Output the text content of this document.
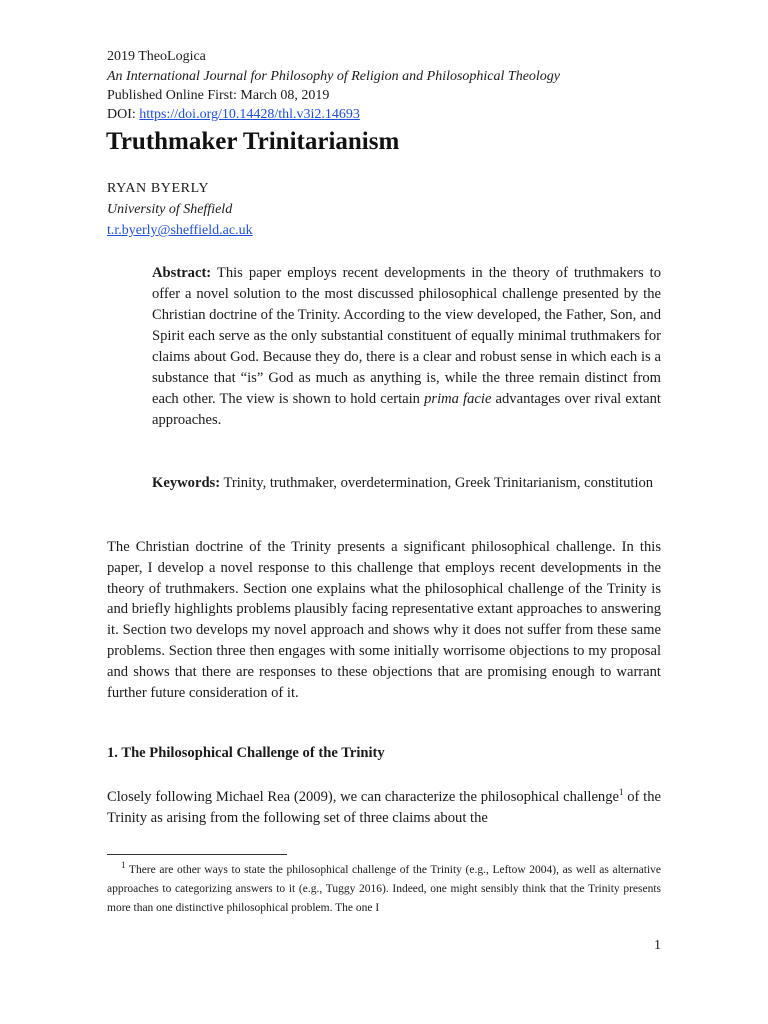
2019 TheoLogica
An International Journal for Philosophy of Religion and Philosophical Theology
Published Online First: March 08, 2019
DOI: https://doi.org/10.14428/thl.v3i2.14693
Truthmaker Trinitarianism
RYAN BYERLY
University of Sheffield
t.r.byerly@sheffield.ac.uk
Abstract: This paper employs recent developments in the theory of truthmakers to offer a novel solution to the most discussed philosophical challenge presented by the Christian doctrine of the Trinity. According to the view developed, the Father, Son, and Spirit each serve as the only substantial constituent of equally minimal truthmakers for claims about God. Because they do, there is a clear and robust sense in which each is a substance that “is” God as much as anything is, while the three remain distinct from each other. The view is shown to hold certain prima facie advantages over rival extant approaches.
Keywords: Trinity, truthmaker, overdetermination, Greek Trinitarianism, constitution
The Christian doctrine of the Trinity presents a significant philosophical challenge. In this paper, I develop a novel response to this challenge that employs recent developments in the theory of truthmakers. Section one explains what the philosophical challenge of the Trinity is and briefly highlights problems plausibly facing representative extant approaches to answering it. Section two develops my novel approach and shows why it does not suffer from these same problems. Section three then engages with some initially worrisome objections to my proposal and shows that there are responses to these objections that are promising enough to warrant further future consideration of it.
1. The Philosophical Challenge of the Trinity
Closely following Michael Rea (2009), we can characterize the philosophical challenge$^1$ of the Trinity as arising from the following set of three claims about the
$^1$ There are other ways to state the philosophical challenge of the Trinity (e.g., Leftow 2004), as well as alternative approaches to categorizing answers to it (e.g., Tuggy 2016). Indeed, one might sensibly think that the Trinity presents more than one distinctive philosophical problem. The one I
1
